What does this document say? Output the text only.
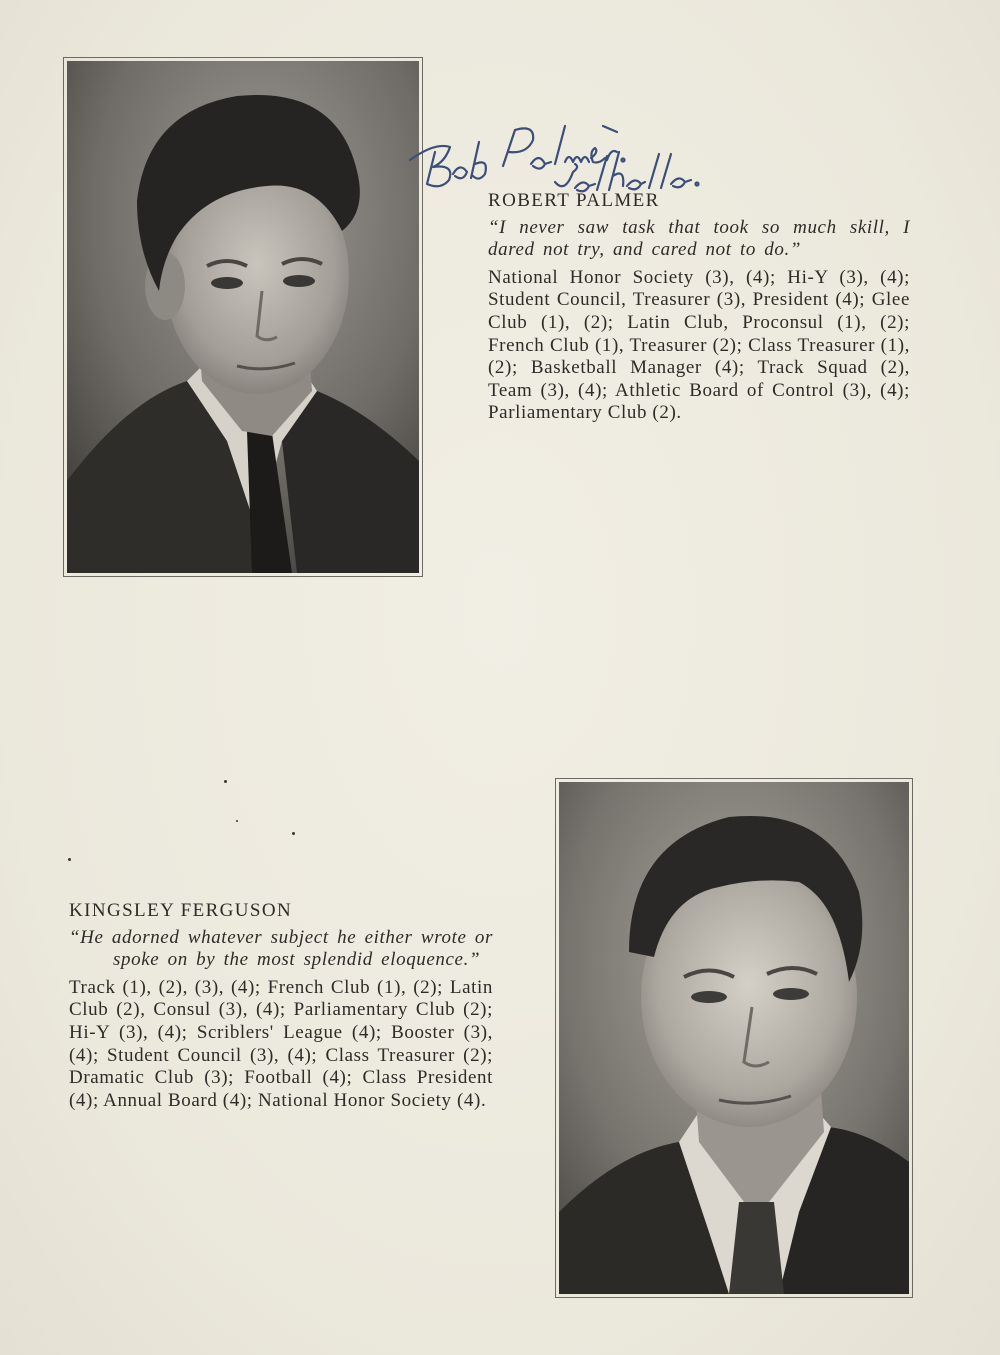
ROBERT PALMER
“I never saw task that took so much skill, I dared not try, and cared not to do.”
National Honor Society (3), (4); Hi-Y (3), (4); Student Council, Treasurer (3), President (4); Glee Club (1), (2); Latin Club, Proconsul (1), (2); French Club (1), Treasurer (2); Class Treasurer (1), (2); Basketball Manager (4); Track Squad (2), Team (3), (4); Athletic Board of Control (3), (4); Parliamentary Club (2).
KINGSLEY FERGUSON
“He adorned whatever subject he either wrote or spoke on by the most splendid eloquence.”
Track (1), (2), (3), (4); French Club (1), (2); Latin Club (2), Consul (3), (4); Parliamentary Club (2); Hi-Y (3), (4); Scriblers' League (4); Booster (3), (4); Student Council (3), (4); Class Treasurer (2); Dramatic Club (3); Football (4); Class President (4); Annual Board (4); National Honor Society (4).
